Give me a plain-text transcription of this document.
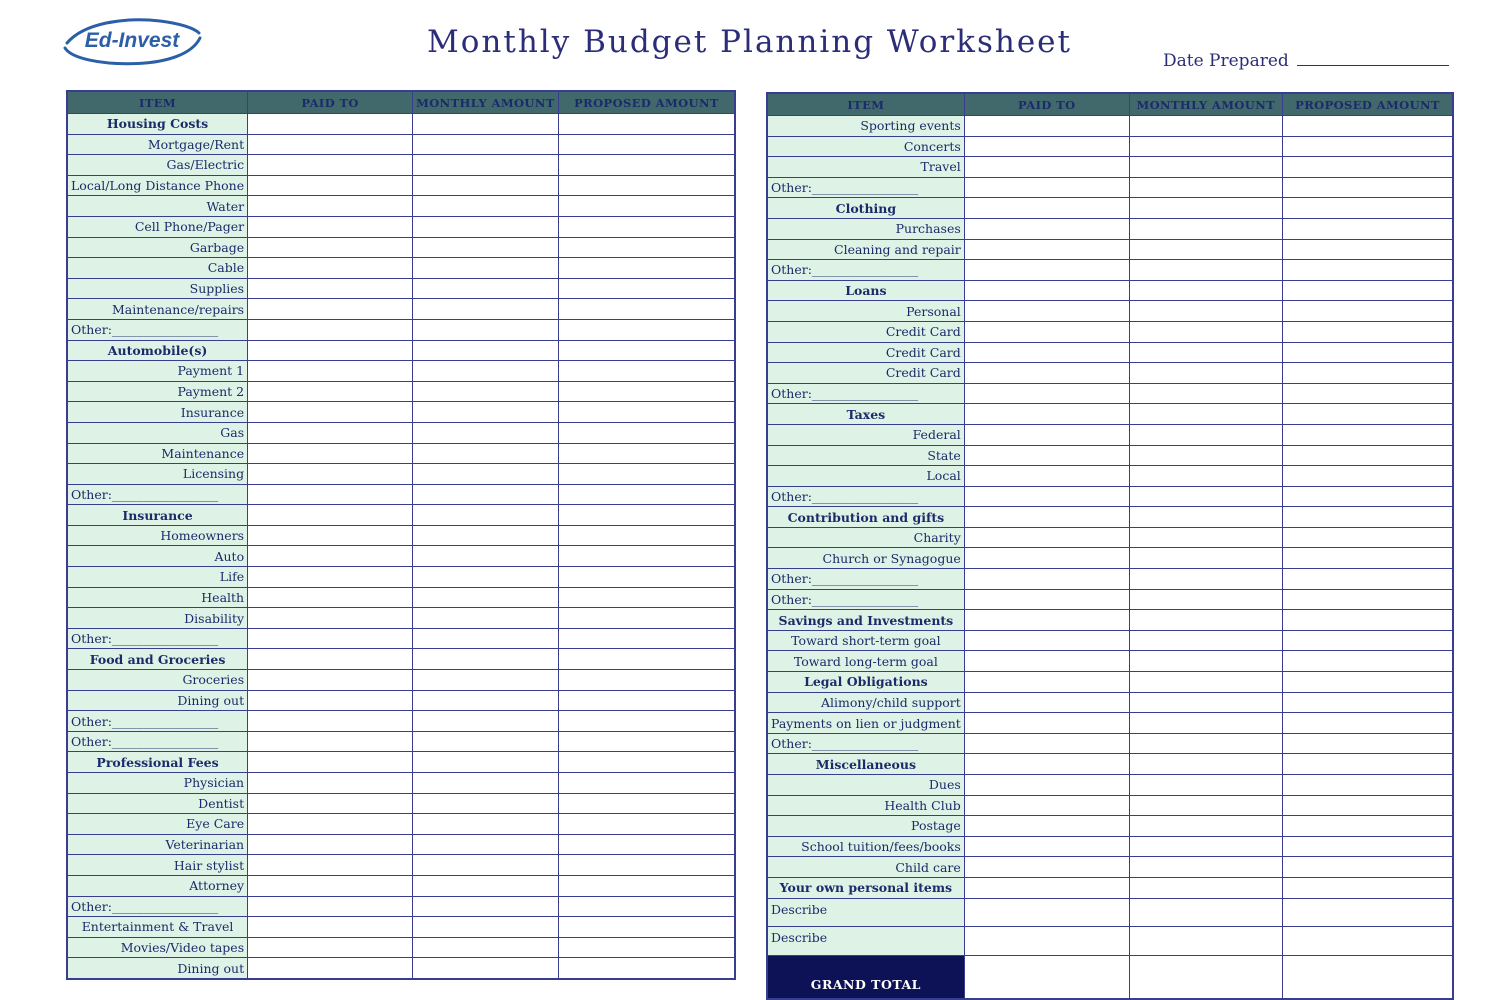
Ed-Invest	Monthly Budget Planning Worksheet
Date Prepared
ITEM	PAID TO	MONTHLY AMOUNT	PROPOSED AMOUNT
Housing Costs			
Mortgage/Rent			
Gas/Electric			
Local/Long Distance Phone			
Water			
Cell Phone/Pager			
Garbage			
Cable			
Supplies			
Maintenance/repairs			
Other:_________________			
Automobile(s)			
Payment 1			
Payment 2			
Insurance			
Gas			
Maintenance			
Licensing			
Other:_________________			
Insurance			
Homeowners			
Auto			
Life			
Health			
Disability			
Other:_________________			
Food and Groceries			
Groceries			
Dining out			
Other:_________________			
Other:_________________			
Professional Fees			
Physician			
Dentist			
Eye Care			
Veterinarian			
Hair stylist			
Attorney			
Other:_________________			
Entertainment & Travel			
Movies/Video tapes			
Dining out			
ITEM	PAID TO	MONTHLY AMOUNT	PROPOSED AMOUNT
Sporting events			
Concerts			
Travel			
Other:_________________			
Clothing			
Purchases			
Cleaning and repair			
Other:_________________			
Loans			
Personal			
Credit Card			
Credit Card			
Credit Card			
Other:_________________			
Taxes			
Federal			
State			
Local			
Other:_________________			
Contribution and gifts			
Charity			
Church or Synagogue			
Other:_________________			
Other:_________________			
Savings and Investments			
Toward short-term goal			
Toward long-term goal			
Legal Obligations			
Alimony/child support			
Payments on lien or judgment			
Other:_________________			
Miscellaneous			
Dues			
Health Club			
Postage			
School tuition/fees/books			
Child care			
Your own personal items			
Describe			
Describe			
GRAND TOTAL			
